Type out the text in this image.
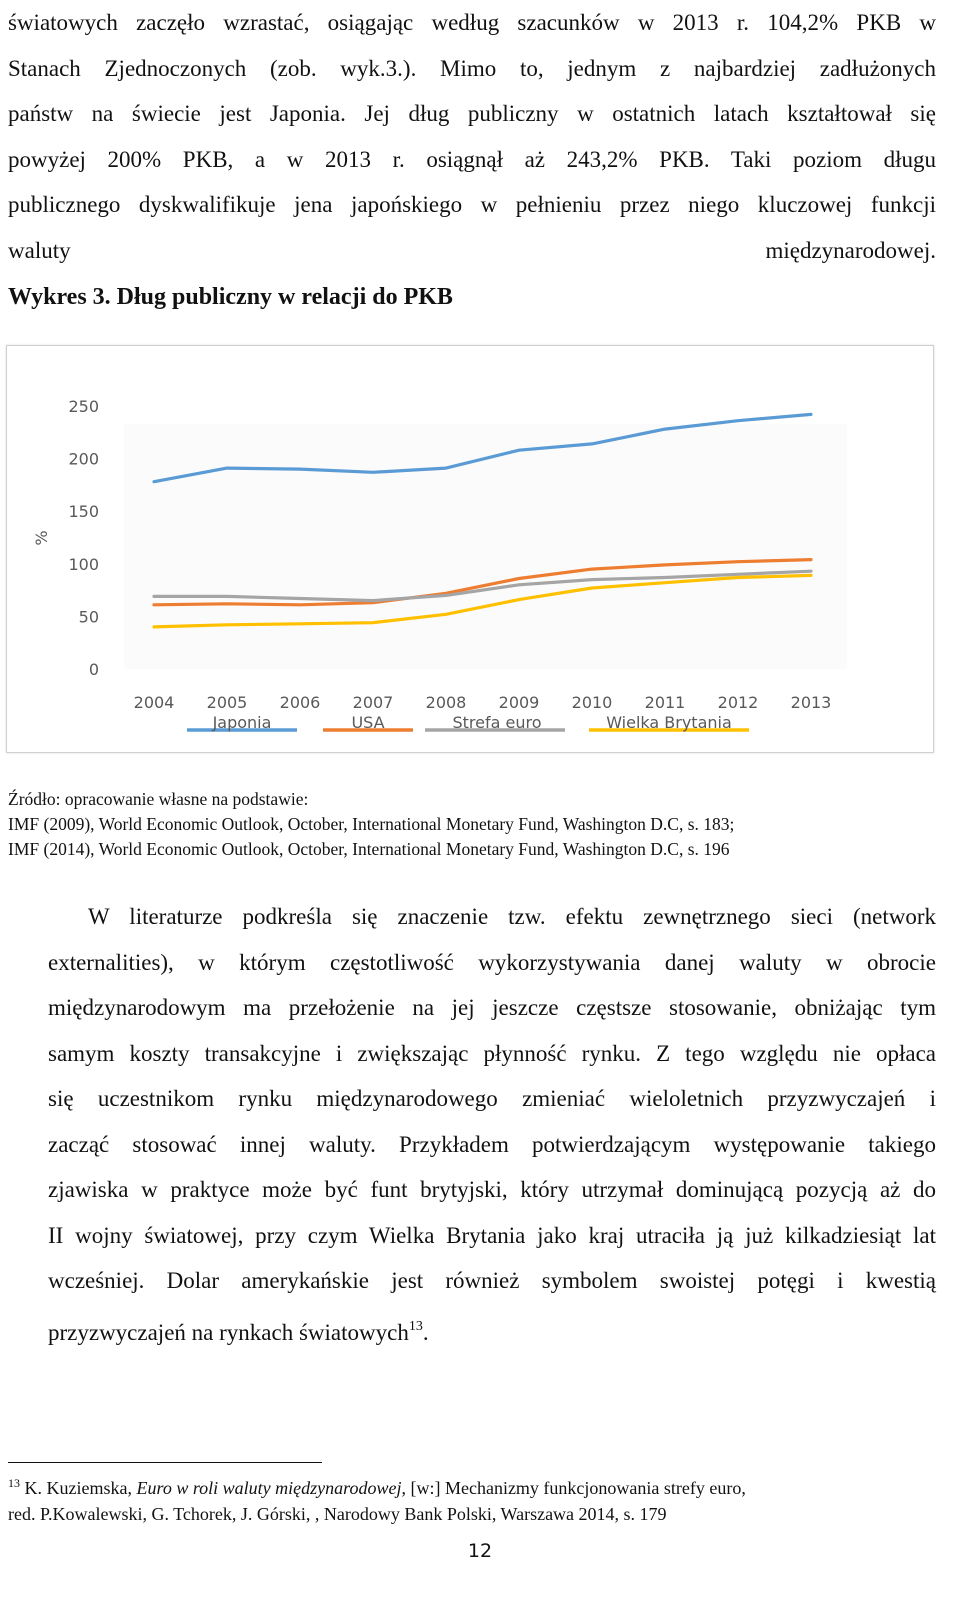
światowych zaczęło wzrastać, osiągając według szacunków w 2013 r. 104,2% PKB w
Stanach Zjednoczonych (zob. wyk.3.). Mimo to, jednym z najbardziej zadłużonych
państw na świecie jest Japonia. Jej dług publiczny w ostatnich latach kształtował się
powyżej 200% PKB, a w 2013 r. osiągnął aż 243,2% PKB. Taki poziom długu
publicznego dyskwalifikuje jena japońskiego w pełnieniu przez niego kluczowej funkcji
waluty międzynarodowej.
Wykres 3. Dług publiczny w relacji do PKB
250
200
150
100
50
0
%
2004 2005 2006 2007 2008 2009 2010 2011 2012 2013
Japonia	USA	Strefa euro	Wielka Brytania
Źródło: opracowanie własne na podstawie:
IMF (2009), World Economic Outlook, October, International Monetary Fund, Washington D.C, s. 183;
IMF (2014), World Economic Outlook, October, International Monetary Fund, Washington D.C, s. 196
W literaturze podkreśla się znaczenie tzw. efektu zewnętrznego sieci (network
externalities), w którym częstotliwość wykorzystywania danej waluty w obrocie
międzynarodowym ma przełożenie na jej jeszcze częstsze stosowanie, obniżając tym
samym koszty transakcyjne i zwiększając płynność rynku. Z tego względu nie opłaca
się uczestnikom rynku międzynarodowego zmieniać wieloletnich przyzwyczajeń i
zacząć stosować innej waluty. Przykładem potwierdzającym występowanie takiego
zjawiska w praktyce może być funt brytyjski, który utrzymał dominującą pozycją aż do
II wojny światowej, przy czym Wielka Brytania jako kraj utraciła ją już kilkadziesiąt lat
wcześniej. Dolar amerykańskie jest również symbolem swoistej potęgi i kwestią
przyzwyczajeń na rynkach światowych$^{13}$.
$^{13}$ K. Kuziemska, Euro w roli waluty międzynarodowej, [w:] Mechanizmy funkcjonowania strefy euro,
red. P.Kowalewski, G. Tchorek, J. Górski, , Narodowy Bank Polski, Warszawa 2014, s. 179
12
